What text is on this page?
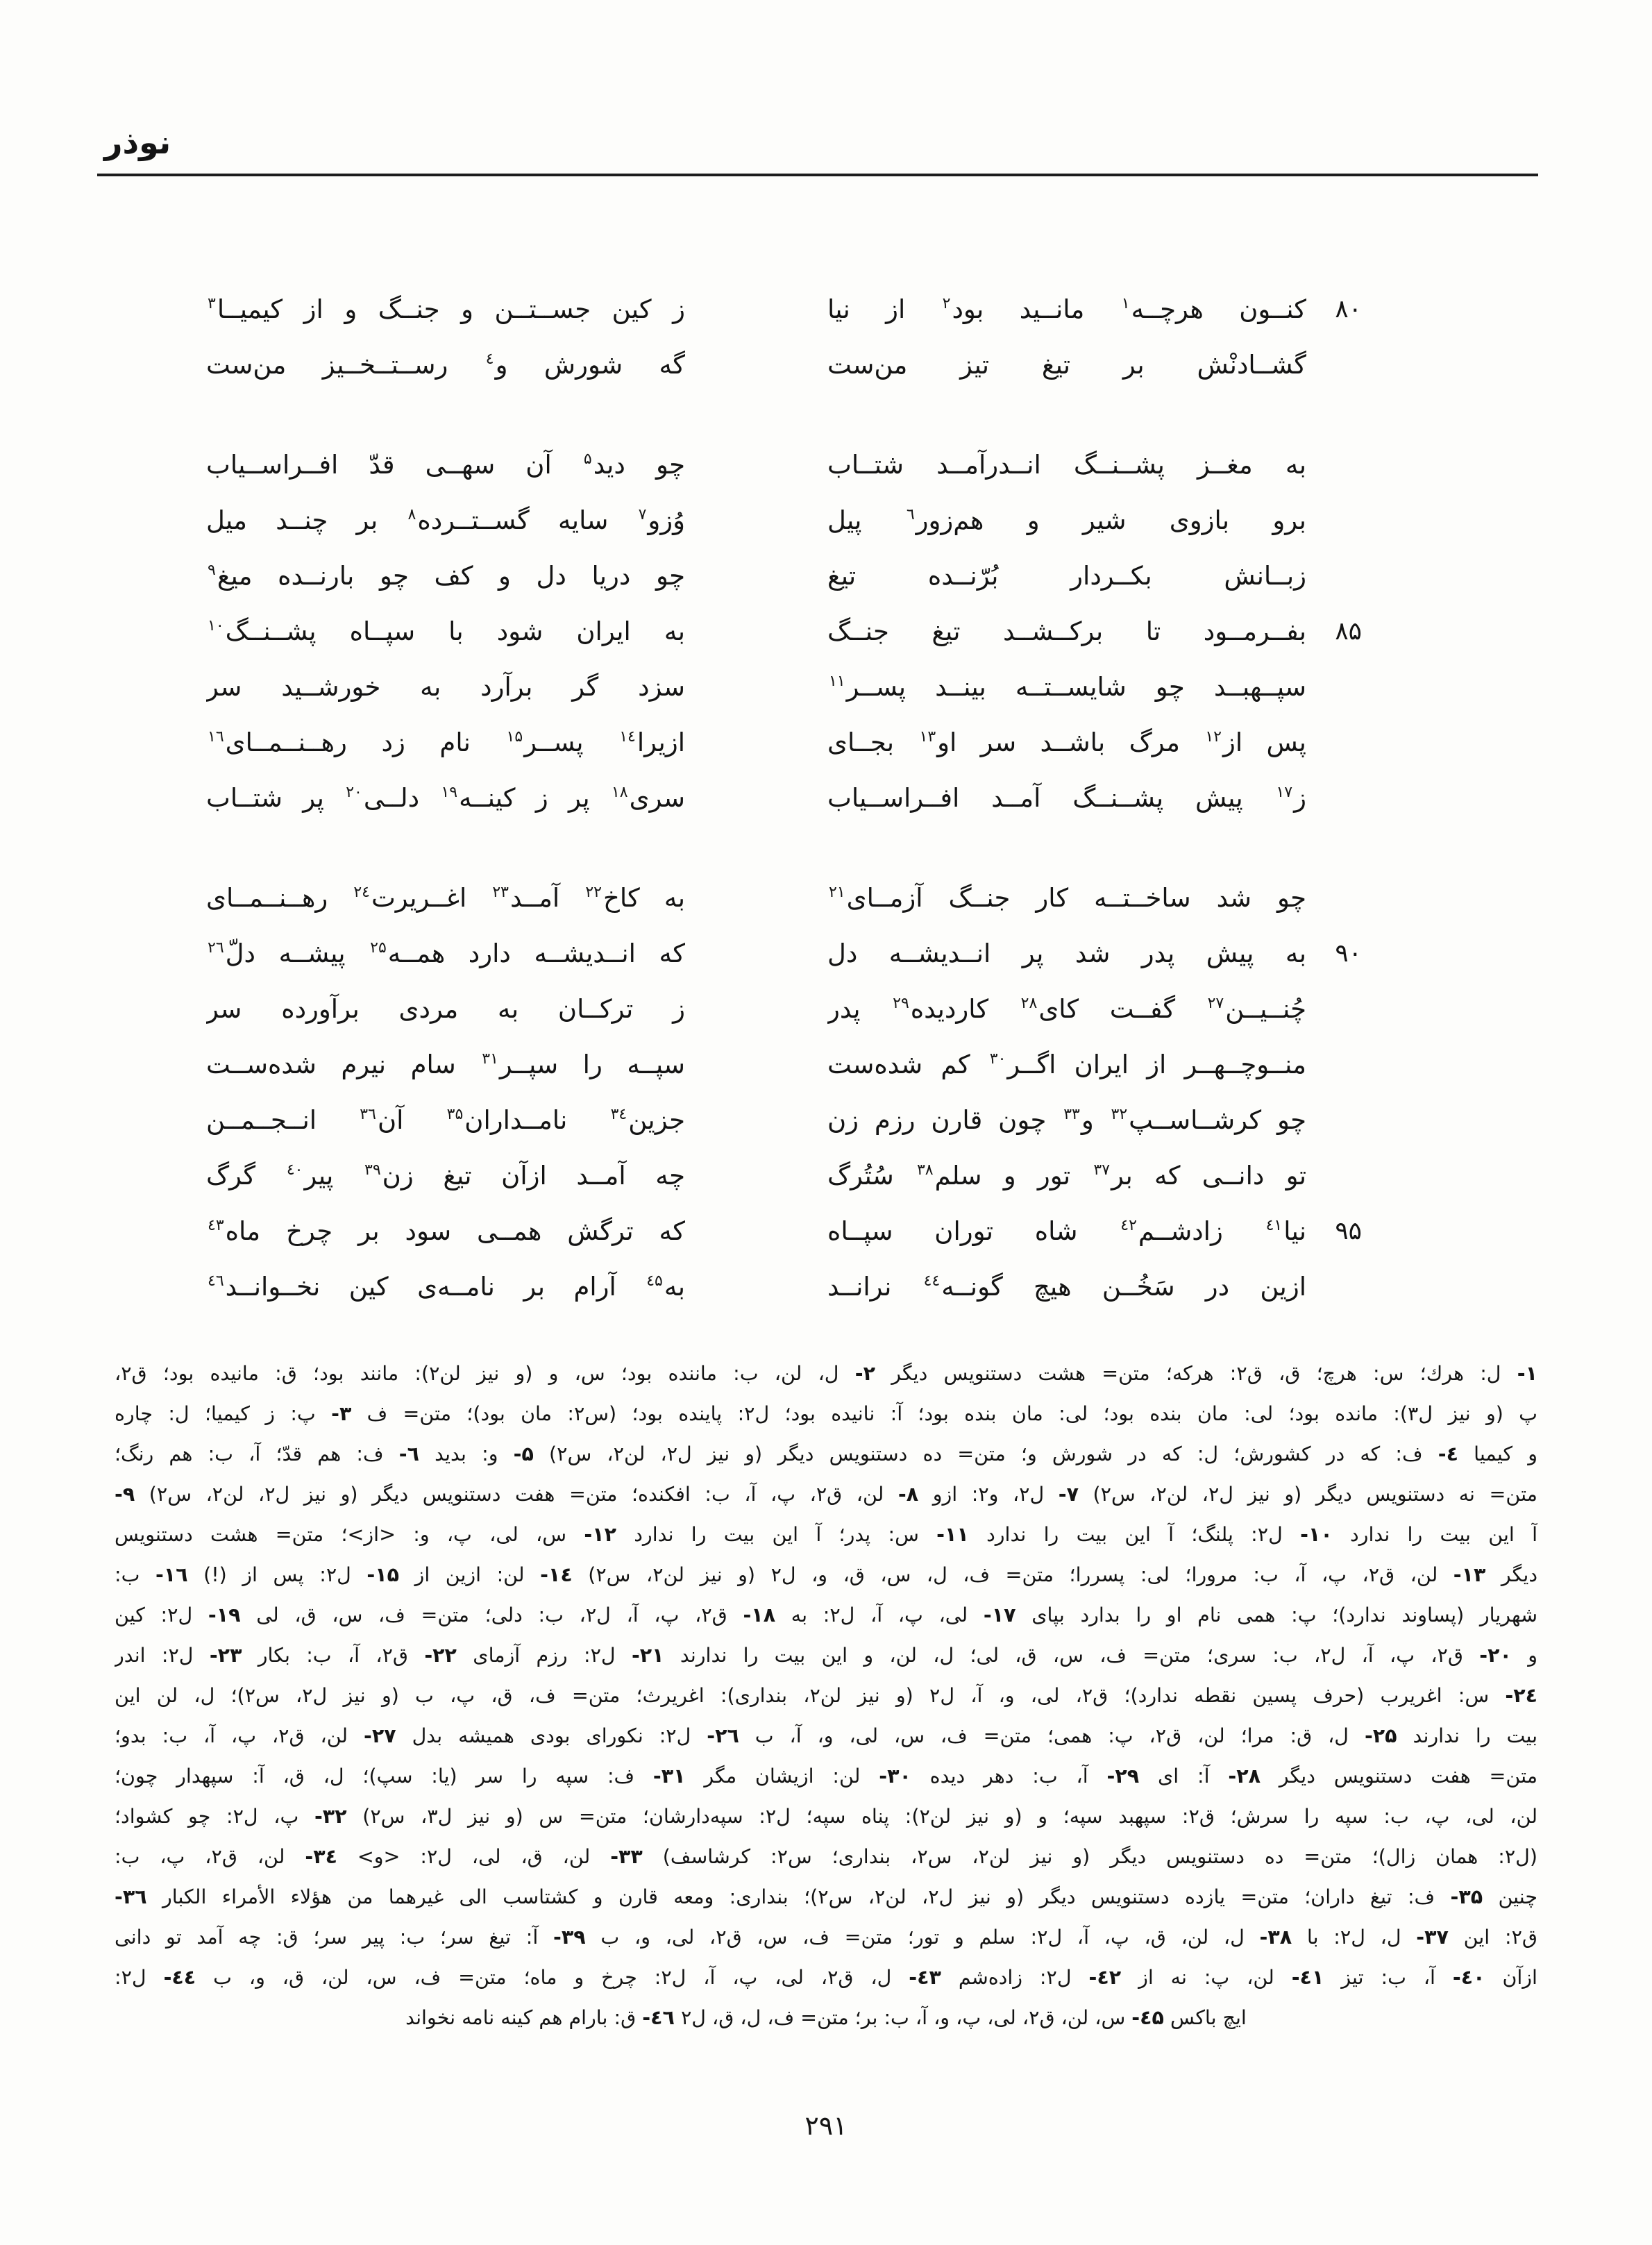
نوذر
۸۰
کنــون هرچــه$^۱$ مانــید بود$^۲$ از نیا
ز کین جســتــن و جنــگ و از کیمیــا$^۳$
گشــادنْش بر تیغ تیز من‌ست
گه شورش و$^٤$ رســتــخــیز من‌ست
به مغــز پشــنــگ انــدرآمــد شتــاب
چو دید$^۵$ آن سهــی قدّ افــراســیاب
برو بازوی شیر و هم‌زور$^٦$ پیل
وُزو$^۷$ سایه گســتــرده$^۸$ بر چنــد میل
زبــانش بکــردار بُرّنــده تیغ
چو دریا دل و کف چو بارنــده میغ$^۹$
۸۵
بفــرمــود تا برکــشــد تیغ جنــگ
به ایران شود با سپــاه پشــنــگ$^{۱۰}$
سپــهبــد چو شایســتــه بینــد پســر$^{۱۱}$
سزد گر برآرد به خورشــید سر
پس از$^{۱۲}$ مرگ باشــد سر او$^{۱۳}$ بجــای
ازیرا$^{۱٤}$ پســر$^{۱۵}$ نام زد رهــنــمــای$^{۱٦}$
ز$^{۱۷}$ پیش پشــنــگ آمــد افــراســیاب
سری$^{۱۸}$ پر ز کینــه$^{۱۹}$ دلــی$^{۲۰}$ پر شتــاب
چو شد ساخــتــه کار جنــگ آزمــای$^{۲۱}$
به کاخ$^{۲۲}$ آمــد$^{۲۳}$ اغــریرت$^{۲٤}$ رهــنــمــای
۹۰
به پیش پدر شد پر انــدیشــه دل
که انــدیشــه دارد همــه$^{۲۵}$ پیشــه دلّ$^{۲٦}$
چُنــیــن$^{۲۷}$ گفــت کای$^{۲۸}$ کاردیده$^{۲۹}$ پدر
ز ترکــان به مردی برآورده سر
منــوچــهــر از ایران اگــر$^{۳۰}$ کم شده‌ست
سپــه را سپــر$^{۳۱}$ سام نیرم شده‌ســت
چو کرشــاســپ$^{۳۲}$ و$^{۳۳}$ چون قارن رزم زن
جزین$^{۳٤}$ نامــداران$^{۳۵}$ آن$^{۳٦}$ انــجــمــن
تو دانــی که بر$^{۳۷}$ تور و سلم$^{۳۸}$ سُتُرگ
چه آمــد ازآن تیغ زن$^{۳۹}$ پیر$^{٤۰}$ گرگ
۹۵
نیا$^{٤۱}$ زادشــم$^{٤۲}$ شاه توران سپــاه
که ترگش همــی سود بر چرخ ماه$^{٤۳}$
ازین در سَخُــن هیچ گونــه$^{٤٤}$ نرانــد
به$^{٤۵}$ آرام بر نامــه‌ی کین نخــوانــد$^{٤٦}$
۱- ل: هرك؛ س: هرچ؛ ق، ق۲: هرکه؛ متن= هشت دستنویس دیگر ۲- ل، لن، ب: ماننده بود؛ س، و (و نیز لن۲): مانند بود؛ ق: مانیده بود؛ ق۲،
پ (و نیز ل۳): مانده بود؛ لی: مان بنده بود؛ لی: مان بنده بود؛ آ: نانیده بود؛ ل۲: پاینده بود؛ (س۲: مان بود)؛ متن= ف ۳- پ: ز کیمیا؛ ل: چاره
و کیمیا ٤- ف: که در کشورش؛ ل: که در شورش و؛ متن= ده دستنویس دیگر (و نیز ل۲، لن۲، س۲) ۵- و: بدید ٦- ف: هم قدّ؛ آ، ب: هم رنگ؛
متن= نه دستنویس دیگر (و نیز ل۲، لن۲، س۲) ۷- ل۲، و۲: ازو ۸- لن، ق۲، پ، آ، ب: افکنده؛ متن= هفت دستنویس دیگر (و نیز ل۲، لن۲، س۲) ۹-
آ این بیت را ندارد ۱۰- ل۲: پلنگ؛ آ این بیت را ندارد ۱۱- س: پدر؛ آ این بیت را ندارد ۱۲- س، لی، پ، و: <از>؛ متن= هشت دستنویس
دیگر ۱۳- لن، ق۲، پ، آ، ب: مرورا؛ لی: پسررا؛ متن= ف، ل، س، ق، و، ل۲ (و نیز لن۲، س۲) ۱٤- لن: ازین از ۱۵- ل۲: پس از (!) ۱٦- ب:
شهریار (پساوند ندارد)؛ پ: همی نام او را بدارد بپای ۱۷- لی، پ، آ، ل۲: به ۱۸- ق۲، پ، آ، ل۲، ب: دلی؛ متن= ف، س، ق، لی ۱۹- ل۲: کین
و ۲۰- ق۲، پ، آ، ل۲، ب: سری؛ متن= ف، س، ق، لی؛ ل، لن، و این بیت را ندارند ۲۱- ل۲: رزم آزمای ۲۲- ق۲، آ، ب: بکار ۲۳- ل۲: اندر
۲٤- س: اغریرب (حرف پسین نقطه ندارد)؛ ق۲، لی، و، آ، ل۲ (و نیز لن۲، بنداری): اغریرث؛ متن= ف، ق، پ، ب (و نیز ل۲، س۲)؛ ل، لن این
بیت را ندارند ۲۵- ل، ق: مرا؛ لن، ق۲، پ: همی؛ متن= ف، س، لی، و، آ، ب ۲٦- ل۲: نکورای بودی همیشه بدل ۲۷- لن، ق۲، پ، آ، ب: بدو؛
متن= هفت دستنویس دیگر ۲۸- آ: ای ۲۹- آ، ب: دهر دیده ۳۰- لن: ازیشان مگر ۳۱- ف: سپه را سر (یا: سپ)؛ ل، ق، آ: سپهدار چون؛
لن، لی، پ، ب: سپه را سرش؛ ق۲: سپهبد سپه؛ و (و نیز لن۲): پناه سپه؛ ل۲: سپه‌دارشان؛ متن= س (و نیز ل۳، س۲) ۳۲- پ، ل۲: چو کشواد؛
(ل۲: همان زال)؛ متن= ده دستنویس دیگر (و نیز لن۲، س۲، بنداری؛ س۲: کرشاسف) ۳۳- لن، ق، لی، ل۲: <و> ۳٤- لن، ق۲، پ، ب:
چنین ۳۵- ف: تیغ داران؛ متن= یازده دستنویس دیگر (و نیز ل۲، لن۲، س۲)؛ بنداری: ومعه قارن و کشتاسب الی غیرهما من هؤلاء الأمراء الکبار ۳٦-
ق۲: این ۳۷- ل، ل۲: با ۳۸- ل، لن، ق، پ، آ، ل۲: سلم و تور؛ متن= ف، س، ق۲، لی، و، ب ۳۹- آ: تیغ سر؛ ب: پیر سر؛ ق: چه آمد تو دانی
ازآن ٤۰- آ، ب: تیز ٤۱- لن، پ: نه از ٤۲- ل۲: زاده‌شم ٤۳- ل، ق۲، لی، پ، آ، ل۲: چرخ و ماه؛ متن= ف، س، لن، ق، و، ب ٤٤- ل۲:
ایچ باکس ٤۵- س، لن، ق۲، لی، پ، و، آ، ب: بر؛ متن= ف، ل، ق، ل۲ ٤٦- ق: بارام هم کینه نامه نخواند
۲۹۱
